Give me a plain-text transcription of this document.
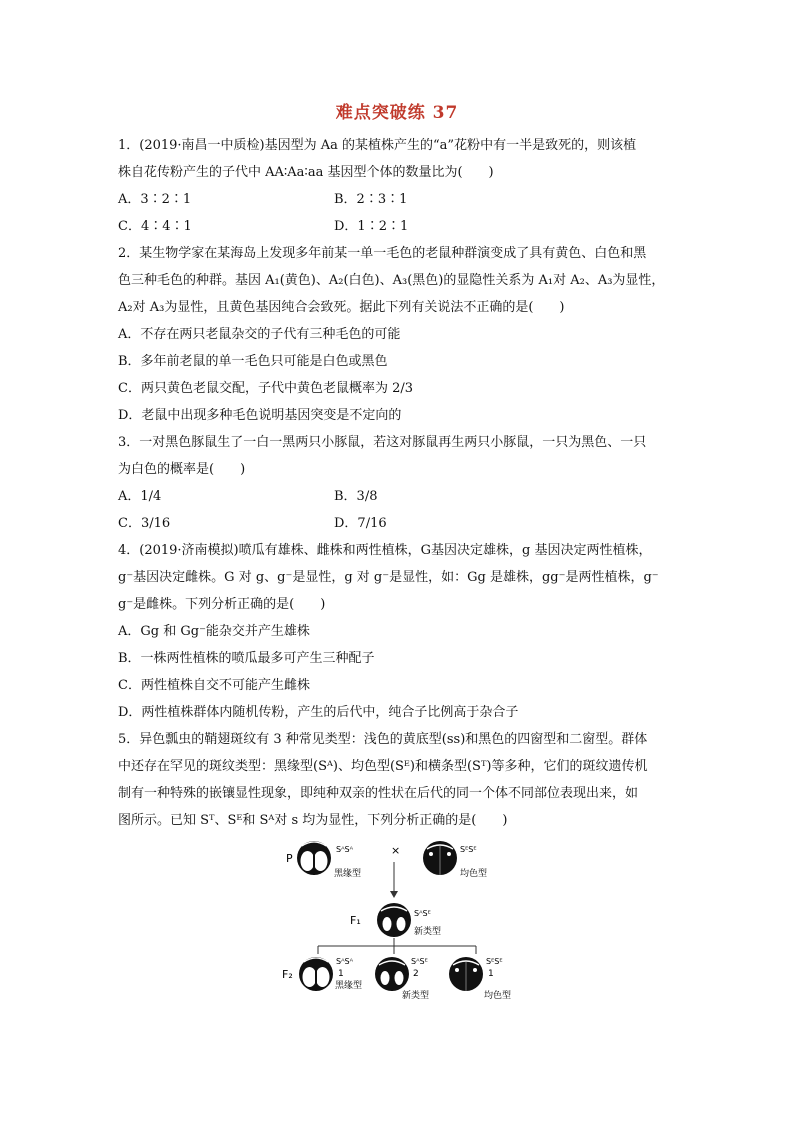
难点突破练 37
1．(2019·南昌一中质检)基因型为 Aa 的某植株产生的“a”花粉中有一半是致死的，则该植
株自花传粉产生的子代中 AA∶Aa∶aa 基因型个体的数量比为(　　)
A．3∶2∶1	B．2∶3∶1
C．4∶4∶1	D．1∶2∶1
2．某生物学家在某海岛上发现多年前某一单一毛色的老鼠种群演变成了具有黄色、白色和黑
色三种毛色的种群。基因 A₁(黄色)、A₂(白色)、A₃(黑色)的显隐性关系为 A₁对 A₂、A₃为显性，
A₂对 A₃为显性，且黄色基因纯合会致死。据此下列有关说法不正确的是(　　)
A．不存在两只老鼠杂交的子代有三种毛色的可能
B．多年前老鼠的单一毛色只可能是白色或黑色
C．两只黄色老鼠交配，子代中黄色老鼠概率为 2/3
D．老鼠中出现多种毛色说明基因突变是不定向的
3．一对黑色豚鼠生了一白一黑两只小豚鼠，若这对豚鼠再生两只小豚鼠，一只为黑色、一只
为白色的概率是(　　)
A．1/4	B．3/8
C．3/16	D．7/16
4．(2019·济南模拟)喷瓜有雄株、雌株和两性植株，G基因决定雄株，g 基因决定两性植株，
g⁻基因决定雌株。G 对 g、g⁻是显性，g 对 g⁻是显性，如：Gg 是雄株，gg⁻是两性植株，g⁻
g⁻是雌株。下列分析正确的是(　　)
A．Gg 和 Gg⁻能杂交并产生雄株
B．一株两性植株的喷瓜最多可产生三种配子
C．两性植株自交不可能产生雌株
D．两性植株群体内随机传粉，产生的后代中，纯合子比例高于杂合子
5．异色瓢虫的鞘翅斑纹有 3 种常见类型：浅色的黄底型(ss)和黑色的四窗型和二窗型。群体
中还存在罕见的斑纹类型：黑缘型(Sᴬ)、均色型(Sᴱ)和横条型(Sᵀ)等多种，它们的斑纹遗传机
制有一种特殊的嵌镶显性现象，即纯种双亲的性状在后代的同一个体不同部位表现出来，如
图所示。已知 Sᵀ、Sᴱ和 Sᴬ对 s 均为显性，下列分析正确的是(　　)
P
SᴬSᴬ
黑缘型
×	SᴱSᴱ
均色型
F₁
SᴬSᴱ
新类型
F₂
SᴬSᴬ
1
黑缘型
SᴬSᴱ
2
新类型
SᴱSᴱ
1
均色型
